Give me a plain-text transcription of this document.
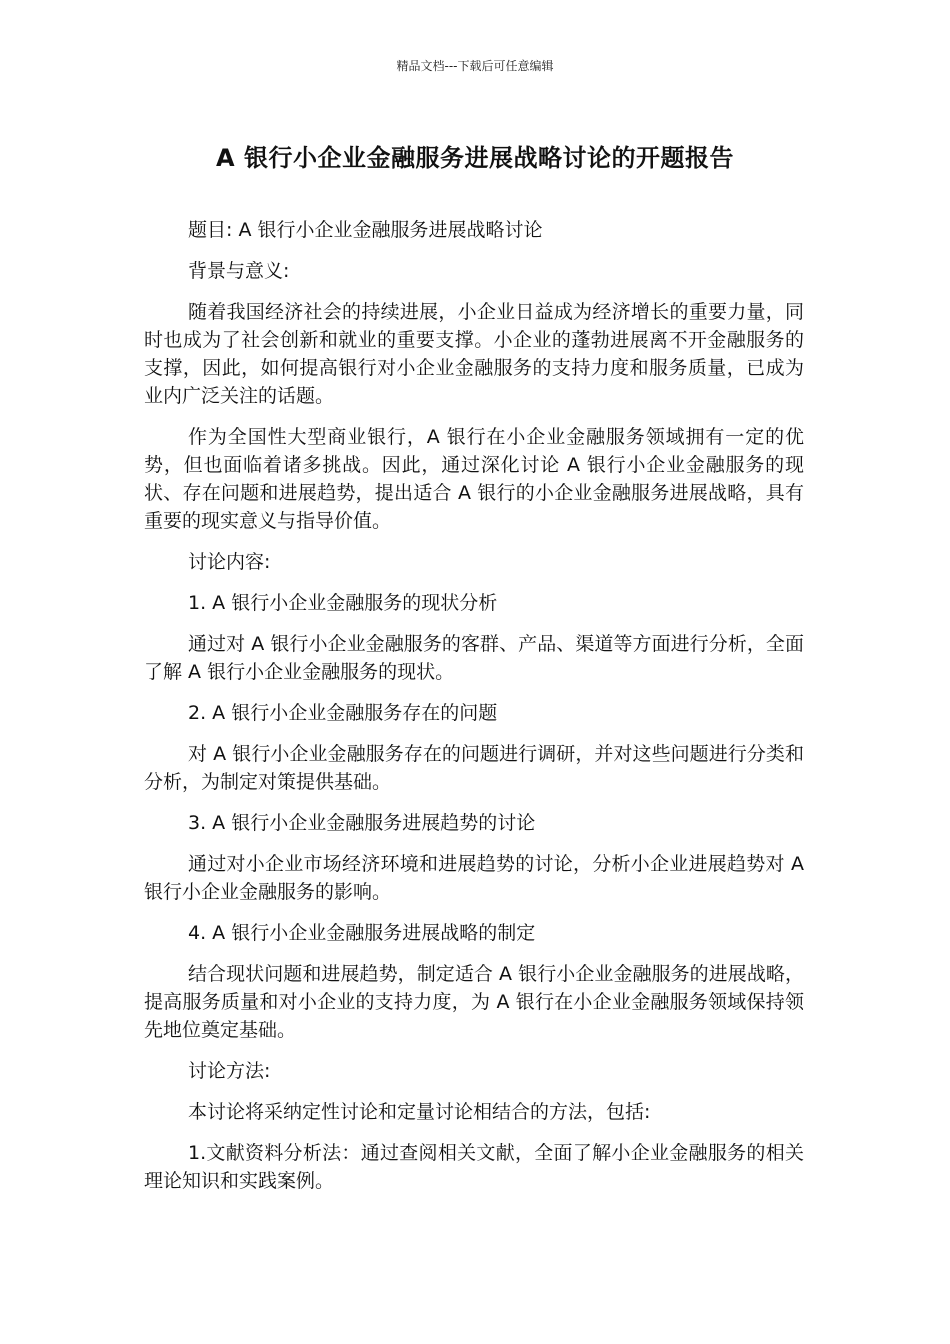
精品文档---下载后可任意编辑
A 银行小企业金融服务进展战略讨论的开题报告

题目: A 银行小企业金融服务进展战略讨论

背景与意义:

随着我国经济社会的持续进展，小企业日益成为经济增长的重要力量，同时也成为了社会创新和就业的重要支撑。小企业的蓬勃进展离不开金融服务的支撑，因此，如何提高银行对小企业金融服务的支持力度和服务质量，已成为业内广泛关注的话题。

作为全国性大型商业银行，A 银行在小企业金融服务领域拥有一定的优势，但也面临着诸多挑战。因此，通过深化讨论 A 银行小企业金融服务的现状、存在问题和进展趋势，提出适合 A 银行的小企业金融服务进展战略，具有重要的现实意义与指导价值。

讨论内容:

1. A 银行小企业金融服务的现状分析

通过对 A 银行小企业金融服务的客群、产品、渠道等方面进行分析，全面了解 A 银行小企业金融服务的现状。

2. A 银行小企业金融服务存在的问题

对 A 银行小企业金融服务存在的问题进行调研，并对这些问题进行分类和分析，为制定对策提供基础。

3. A 银行小企业金融服务进展趋势的讨论

通过对小企业市场经济环境和进展趋势的讨论，分析小企业进展趋势对 A 银行小企业金融服务的影响。

4. A 银行小企业金融服务进展战略的制定

结合现状问题和进展趋势，制定适合 A 银行小企业金融服务的进展战略，提高服务质量和对小企业的支持力度，为 A 银行在小企业金融服务领域保持领先地位奠定基础。

讨论方法:

本讨论将采纳定性讨论和定量讨论相结合的方法，包括:

1.文献资料分析法：通过查阅相关文献，全面了解小企业金融服务的相关理论知识和实践案例。
